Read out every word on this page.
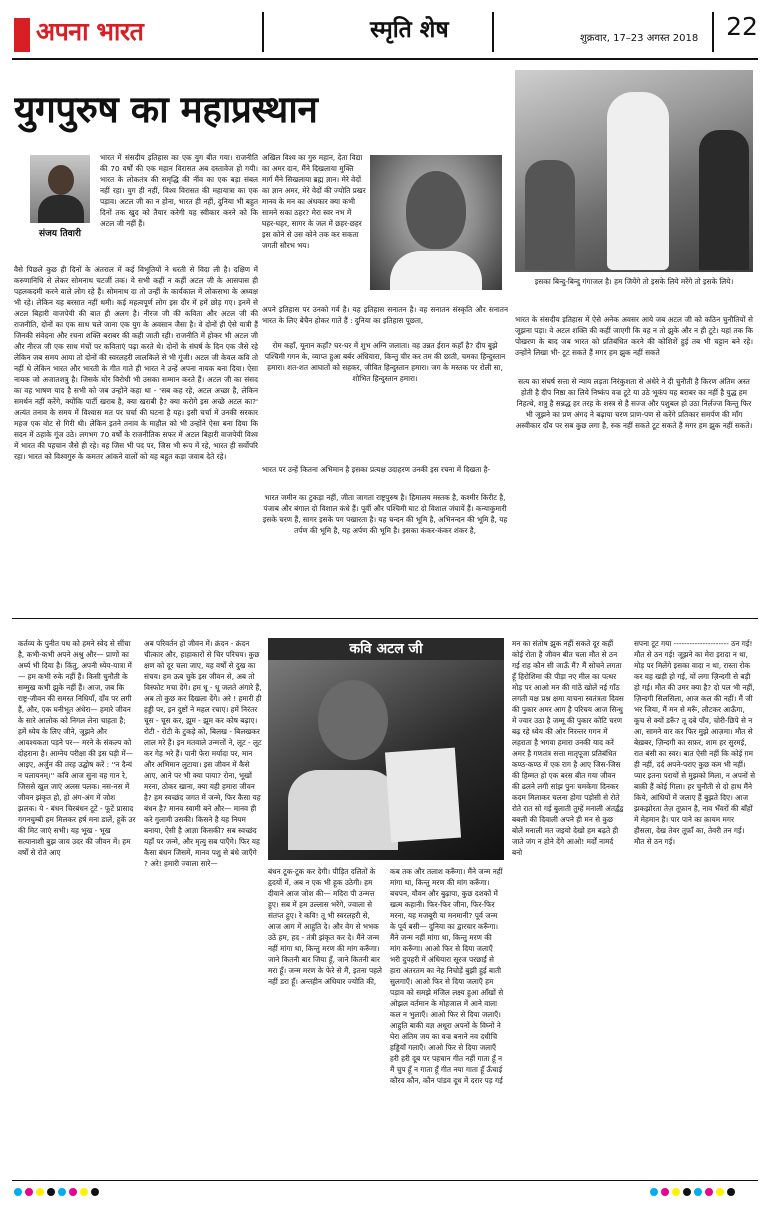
अपना भारत	स्मृति शेष	शुक्रवार, 17–23 अगस्त 2018	22
युगपुरुष का महाप्रस्थान
संजय तिवारी

भारत में संसदीय इतिहास का एक युग बीत गया। राजनीति की 70 वर्षों की एक महान विरासत अब दस्तावेज हो गयी। भारत के लोकतंत्र की समृद्धि की नींव का एक बड़ा संबल नहीं रहा। युग ही नहीं, विश्व विरासत की महायात्रा का एक पड़ाव। अटल जी का न होना, भारत ही नहीं, दुनिया भी बहुत दिनों तक खुद को तैयार करेगी यह स्वीकार करने को कि अटल जी नहीं हैं।

वैसे पिछले कुछ ही दिनों के अंतराल में कई विभूतियों ने धरती से विदा ली है। दक्षिण में करुणानिधि से लेकर सोमनाथ चटर्जी तक। ये सभी कहीं न कहीं अटल जी के आसपास ही पहलकदमी करने वाले लोग रहे हैं। सोमनाथ दा तो उन्हीं के कार्यकाल में लोकसभा के अध्यक्ष भी रहे। लेकिन यह बरसात नहीं थमी। कई महत्वपूर्ण लोग इस दौर में हमें छोड़ गए। इनमें से अटल बिहारी वाजपेयी की बात ही अलग है। नीरज जी की कविता और अटल जी की राजनीति, दोनों का एक साथ चले जाना एक युग के अवसान जैसा है। वे दोनों ही ऐसे यात्री हैं जिनकी संवेदना और रचना शक्ति बराबर की कही जाती रही। राजनीति में होकर भी अटल जी और नीरज जी एक साथ मंचों पर कविताएं पढ़ा करते थे। दोनों के संघर्ष के दिन एक जैसे रहे लेकिन जब समय आया तो दोनों की स्वरलहरी लालकिले से भी गूंजी। अटल जी केवल कवि तो नहीं थे लेकिन भारत और भारती के गीत गाते ही भारत ने उन्हें अपना नायक बना दिया। ऐसा नायक जो अजातशत्रु है। जिसके घोर विरोधी भी उसका सम्मान करते हैं। अटल जी का संसद का वह भाषण याद है सभी को जब उन्होंने कहा था - 'सब कह रहे, अटल अच्छा है, लेकिन समर्थन नहीं करेंगे, क्योंकि पार्टी खराब है, क्या खराबी है? क्या करोगे इस अच्छे अटल का?' अत्यंत तनाव के समय में विश्वास मत पर चर्चा की घटना है यह। इसी चर्चा में उनकी सरकार महज एक वोट से गिरी थी। लेकिन इतने तनाव के माहौल को भी उन्होंने ऐसा बना दिया कि सदन में ठहाके गूंज उठे। लगभग 70 वर्षों के राजनीतिक सफर में अटल बिहारी वाजपेयी विश्व में भारत की पहचान जैसे ही रहे। वह जिस भी पद पर, जिस भी रूप में रहे, भारत ही सर्वोपरि रहा। भारत को विश्वगुरु के कमतर आंकने वालों को यह बहुत कड़ा जवाब देते रहे।

अखिल विश्व का गुरु महान, देता विद्या का अमर दान, मैंने दिखलाया मुक्ति मार्ग मैंने सिखलाया ब्रह्म ज्ञान। मेरे वेदों का ज्ञान अमर, मेरे वेदों की ज्योति प्रखर मानव के मन का अंधकार क्या कभी सामने सका ठहर? मेरा स्वर नभ में घहर-घहर, सागर के जल में छहर-छहर इस कोने से उस कोने तक कर सकता जगती सौरभ भय।

अपने इतिहास पर उनको गर्व है। यह इतिहास सनातन है। वह सनातन संस्कृति और सनातन भारत के लिए बेचैन होकर गाते हैं : दुनिया का इतिहास पूछता,

रोम कहाँ, यूनान कहाँ? घर-घर में शुभ अग्नि जलाता। वह उन्नत ईरान कहाँ है? दीप बुझे पश्चिमी गगन के, व्याप्त हुआ बर्बर अंधियारा, किन्तु चीर कर तम की छाती, चमका हिन्दुस्तान हमारा। शत-शत आघातों को सहकर, जीवित हिन्दुस्तान हमारा। जग के मस्तक पर रोली सा, शोभित हिन्दुस्तान हमारा।

भारत पर उन्हें कितना अभिमान है इसका प्रत्यक्ष उदाहरण उनकी इस रचना में दिखता है-

भारत जमीन का टुकड़ा नहीं, जीता जागता राष्ट्रपुरुष है। हिमालय मस्तक है, कश्मीर किरीट है, पंजाब और बंगाल दो विशाल कंधे हैं। पूर्वी और पश्चिमी घाट दो विशाल जंघायें हैं। कन्याकुमारी इसके चरण हैं, सागर इसके पग पखारता है। यह चन्दन की भूमि है, अभिनन्दन की भूमि है, यह तर्पण की भूमि है, यह अर्पण की भूमि है। इसका कंकर-कंकर शंकर है,

इसका बिन्दु-बिन्दु गंगाजल है। हम जियेंगे तो इसके लिये मरेंगे तो इसके लिये।

भारत के संसदीय इतिहास में ऐसे अनेक अवसर आये जब अटल जी को कठिन चुनौतियों से जूझना पड़ा। वे अटल शक्ति की कहीं जाएगी कि वह न तो झुके और न ही टूटे। यहां तक कि पोखरण के बाद जब भारत को प्रतिबंधित करने की कोशिशें हुई तब भी चट्टान बने रहे। उन्होंने लिखा भी- टूट सकते हैं मगर हम झुक नहीं सकते

सत्य का संघर्ष सत्ता से न्याय लड़ता निरंकुशता से अंधेरे ने दी चुनौती है किरण अंतिम अस्त होती है दीप निष्ठा का लिये निष्कंप वज्र टूटे या उठे भूकंप यह बराबर का नहीं है युद्ध हम निहत्थे, शत्रु है सन्नद्ध हर तरह के शस्त्र से है सज्ज और पशुबल हो उठा निर्लज्ज किन्तु फिर भी जूझने का प्रण अंगद ने बढ़ाया चरण प्राण-पण से करेंगे प्रतिकार समर्पण की माँग अस्वीकार दाँव पर सब कुछ लगा है, रुक नहीं सकते टूट सकते हैं मगर हम झुक नहीं सकते।

कर्तव्य के पुनीत पथ को हमने स्वेद से सींचा है, कभी-कभी अपने अश्रु और— प्राणों का अर्घ्य भी दिया है। किंतु, अपनी ध्येय-यात्रा में— हम कभी रुके नहीं हैं। किसी चुनौती के सम्मुख कभी झुके नहीं हैं। आज, जब कि राष्ट्र-जीवन की समस्त निधियाँ, दाँव पर लगी हैं, और, एक घनीभूत अंधेरा— हमारे जीवन के सारे आलोक को निगल लेना चाहता है; हमें ध्येय के लिए जीने, जूझने और आवश्यकता पड़ने पर— मरने के संकल्प को दोहराना है। आग्नेय परीक्षा की इस घड़ी में— आइए, अर्जुन की तरह उद्घोष करें : ''न दैन्यं न पलायनम्।'' कवि आज सुना वह गान रे, जिससे खुल जाएं अलस पलक। नस-नस में जीवन झंकृत हो, हो अंग-अंग में जोश झलक। ये - बंधन चिरबंधन टूटें - फूटें प्रासाद गगनचुम्बी हम मिलकर हर्ष मना डालें, हूकें उर की मिट जाएं सभी। यह भूख - भूख सत्यानाशी बुझ जाय उदर की जीवन में। हम वर्षों से रोते आए

अब परिवर्तन हो जीवन में। क्रंदन - क्रंदन चीत्कार और, हाहाकारों से चिर परिचय। कुछ क्षण को दूर चला जाए, यह वर्षों से दुख का संचय। हम ऊब चुके इस जीवन से, अब तो विस्फोट मचा देंगे। हम धू - धू जलते अंगारे हैं, अब तो कुछ कर दिखला देंगे। अरे ! हमारी ही हड्डी पर, इन दुष्टों ने महल रचाए। हमें निरंतर चूस - चूस कर, झूम - झूम कर कोष बढ़ाए। रोटी - रोटी के टुकड़े को, बिलख - बिलखकर लाल मरे हैं। इन मतवाले उन्मत्तों ने, लूट - लूट कर गेह भरे हैं। पानी फेरा मर्यादा पर, मान और अभिमान लुटाया। इस जीवन में कैसे आए, आने पर भी क्या पाया? रोना, भूखों मरना, ठोकर खाना, क्या यही हमारा जीवन है? हम स्वच्छंद जगत में जन्मे, फिर कैसा यह बंधन है? मानव स्वामी बने और— मानव ही करे गुलामी उसकी। किसने है यह नियम बनाया, ऐसी है आज्ञा किसकी? सब स्वच्छंद यहाँ पर जन्मे, और मृत्यु सब पाएँगे। फिर यह कैसा बंधन जिसमें, मानव पशु से बंधे जाएँगे ? अरे! हमारी ज्वाला सारे—

कवि अटल जी

बंधन टूक-टूक कर देगी। पीड़ित दलितों के हृदयों में, अब न एक भी हूक उठेगी। हम दीवाने आज जोश की— मदिरा पी उन्मत्त हुए। सब में हम उल्लास भरेंगे, ज्वाला से संतप्त हुए। रे कवि! तू भी स्वरलहरी से, आज आग में आहुति दे। और वेग से भभक उठें हम, हद - तंत्री झंकृत कर दे। मैंने जन्म नहीं मांगा था, किन्तु मरण की मांग करूँगा। जाने कितनी बार जिया हूँ, जाने कितनी बार मरा हूँ। जन्म मरण के फेरे से मैं, इतना पहले नहीं डरा हूँ। अन्तहीन अंधियार ज्योति की,

कब तक और तलाश करूँगा। मैंने जन्म नहीं मांगा था, किन्तु मरण की मांग करूँगा। बचपन, यौवन और बुढ़ापा, कुछ दशकों में खत्म कहानी। फिर-फिर जीना, फिर-फिर मरना, यह मजबूरी या मनमानी? पूर्व जन्म के पूर्व बसी— दुनिया का द्वारचार करूँगा। मैंने जन्म नहीं मांगा था, किन्तु मरण की मांग करूँगा। आओ फिर से दिया जलाएँ भरी दुपहरी में अंधियारा सूरज परछाईं से हारा अंतरतम का नेह निचोड़ें बुझी हुई बाती सुलगाएँ। आओ फिर से दिया जलाएँ हम पड़ाव को समझे मंजिल लक्ष्य हुआ आँखों से ओझल वर्तमान के मोहजाल में आने वाला कल न भुलाएँ। आओ फिर से दिया जलाएँ। आहुति बाकी यज्ञ अधूरा अपनों के विघ्नों ने घेरा अंतिम जय का वज्र बनाने नव दधीचि हड्डियाँ गलाएँ। आओ फिर से दिया जलाएँ हरी हरी दूब पर पहचान गीत नहीं गाता हूँ न मैं चुप हूँ न गाता हूँ गीत नया गाता हूँ ऊँचाई कौरव कौन, कौन पांडव दूध में दरार पड़ गई

मन का संतोष झुक नहीं सकते दूर कहीं कोई रोता है जीवन बीत चला मौत से ठन गई राह कौन सी जाऊँ मैं? मैं सोचने लगता हूँ हिरोशिमा की पीड़ा नए मील का पत्थर मोड़ पर आओ मन की गांठें खोलें नई गाँठ लगती यक्ष प्रश्न क्षमा याचना स्वतंत्रता दिवस की पुकार अमर आग है परिचय आज सिन्धु में ज्वार उठा है जम्मू की पुकार कोटि चरण बढ़ रहे ध्येय की ओर निरन्तर गगन में लहराता है भगवा हमारा उनकी याद करें अमर है गणतंत्र सत्ता मातृपूजा प्रतिबंधित कण्ठ-कण्ठ में एक राग है आए जिस-जिस की हिम्मत हो एक बरस बीत गया जीवन की ढलने लगी सांझ पुनः चमकेगा दिनकर कदम मिलाकर चलना होगा पड़ोसी से रोते रोते रात सो गई बुलाती तुम्हें मनाली अंतर्द्वंद्व बबली की दिवाली अपने ही मन से कुछ बोलें मनाली मत जइयो देखो हम बढ़ते ही जाते जंग न होने देंगे आओ! मर्दों नामर्द बनो

सपना टूट गया --------------------- ठन गई! मौत से ठन गई! जूझने का मेरा इरादा न था, मोड़ पर मिलेंगे इसका वादा न था, रास्ता रोक कर वह खड़ी हो गई, यों लगा ज़िन्दगी से बड़ी हो गई। मौत की उमर क्या है? दो पल भी नहीं, ज़िन्दगी सिलसिला, आज कल की नहीं। मैं जी भर जिया, मैं मन से मरूँ, लौटकर आऊँगा, कूच से क्यों डरूँ? तू दबे पाँव, चोरी-छिपे से न आ, सामने वार कर फिर मुझे आज़मा। मौत से बेख़बर, ज़िन्दगी का सफ़र, शाम हर सुरमई, रात बंसी का स्वर। बात ऐसी नहीं कि कोई ग़म ही नहीं, दर्द अपने-पराए कुछ कम भी नहीं। प्यार इतना परायों से मुझको मिला, न अपनों से बाक़ी हैं कोई गिला। हर चुनौती से दो हाथ मैंने किये, आंधियों में जलाए हैं बुझते दिए। आज झकझोरता तेज़ तूफ़ान है, नाव भँवरों की बाँहों में मेहमान है। पार पाने का क़ायम मगर हौसला, देख तेवर तूफ़ाँ का, तेवरी तन गई। मौत से ठन गई।
